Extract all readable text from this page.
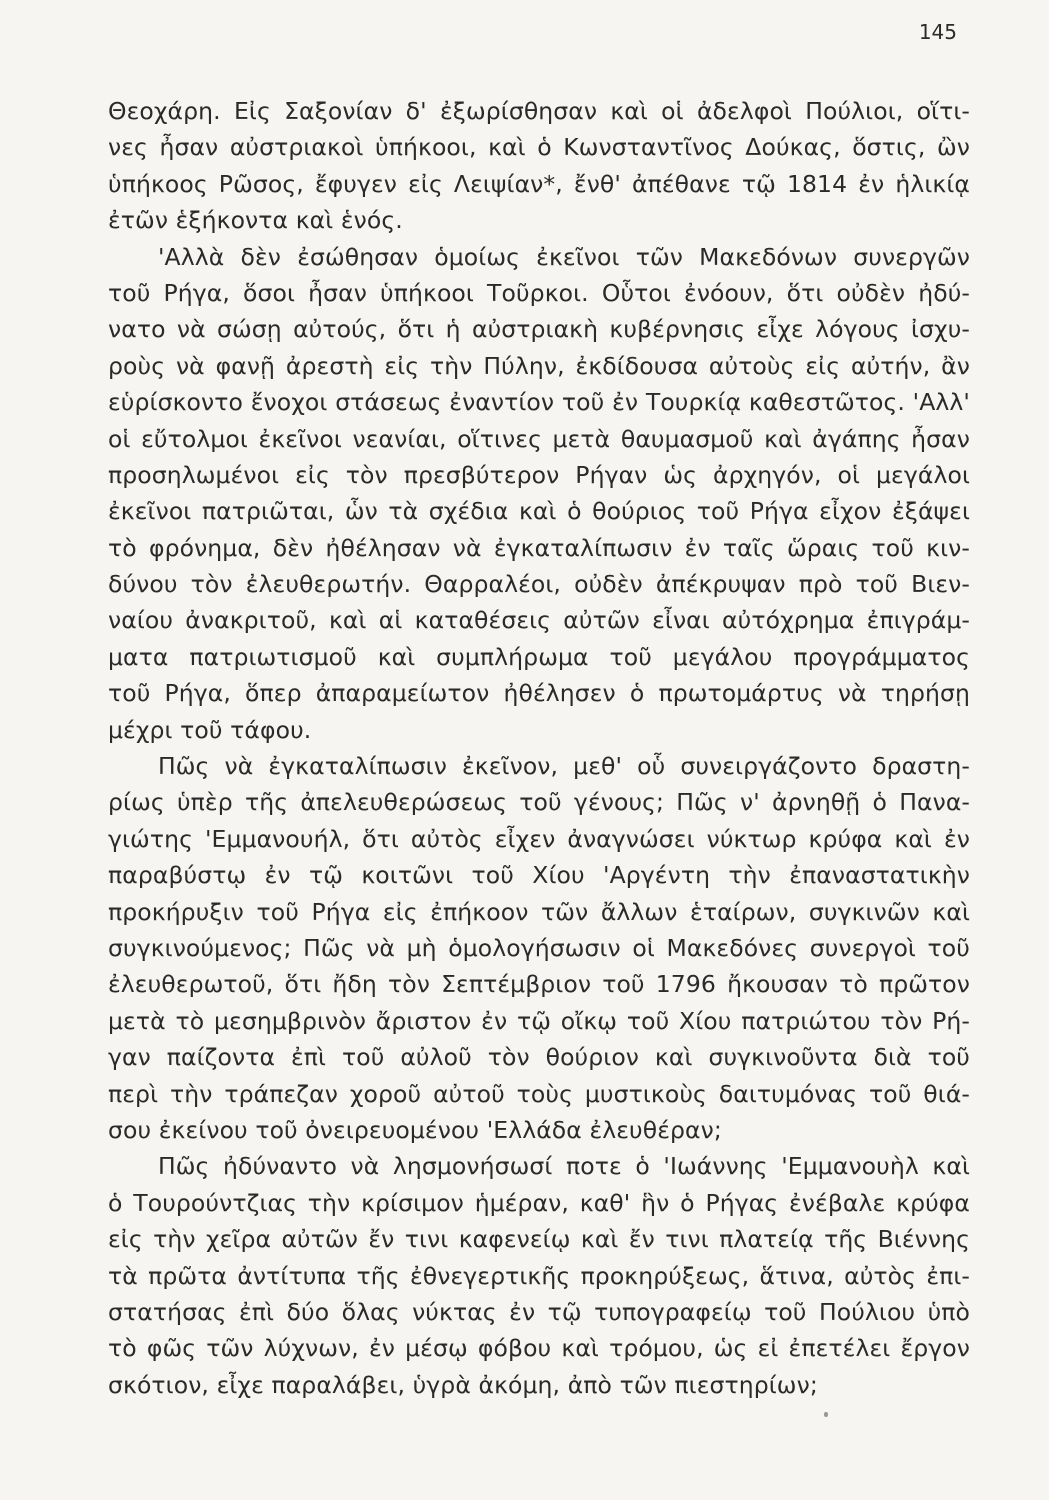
145
Θεοχάρη. Εἰς Σαξονίαν δ' ἐξωρίσθησαν καὶ οἱ ἀδελφοὶ Πούλιοι, οἵτι-
νες ἦσαν αὐστριακοὶ ὑπήκοοι, καὶ ὁ Κωνσταντῖνος Δούκας, ὅστις, ὢν
ὑπήκοος Ρῶσος, ἔφυγεν εἰς Λειψίαν*, ἔνθ' ἀπέθανε τῷ 1814 ἐν ἡλικίᾳ
ἐτῶν ἑξήκοντα καὶ ἑνός.
'Αλλὰ δὲν ἐσώθησαν ὁμοίως ἐκεῖνοι τῶν Μακεδόνων συνεργῶν
τοῦ Ρήγα, ὅσοι ἦσαν ὑπήκοοι Τοῦρκοι. Οὗτοι ἐνόουν, ὅτι οὐδὲν ἠδύ-
νατο νὰ σώσῃ αὐτούς, ὅτι ἡ αὐστριακὴ κυβέρνησις εἶχε λόγους ἰσχυ-
ροὺς νὰ φανῇ ἀρεστὴ εἰς τὴν Πύλην, ἐκδίδουσα αὐτοὺς εἰς αὐτήν, ἂν
εὑρίσκοντο ἔνοχοι στάσεως ἐναντίον τοῦ ἐν Τουρκίᾳ καθεστῶτος. 'Αλλ'
οἱ εὔτολμοι ἐκεῖνοι νεανίαι, οἵτινες μετὰ θαυμασμοῦ καὶ ἀγάπης ἦσαν
προσηλωμένοι εἰς τὸν πρεσβύτερον Ρήγαν ὡς ἀρχηγόν, οἱ μεγάλοι
ἐκεῖνοι πατριῶται, ὧν τὰ σχέδια καὶ ὁ θούριος τοῦ Ρήγα εἶχον ἐξάψει
τὸ φρόνημα, δὲν ἠθέλησαν νὰ ἐγκαταλίπωσιν ἐν ταῖς ὥραις τοῦ κιν-
δύνου τὸν ἐλευθερωτήν. Θαρραλέοι, οὐδὲν ἀπέκρυψαν πρὸ τοῦ Βιεν-
ναίου ἀνακριτοῦ, καὶ αἱ καταθέσεις αὐτῶν εἶναι αὐτόχρημα ἐπιγράμ-
ματα πατριωτισμοῦ καὶ συμπλήρωμα τοῦ μεγάλου προγράμματος
τοῦ Ρήγα, ὅπερ ἀπαραμείωτον ἠθέλησεν ὁ πρωτομάρτυς νὰ τηρήσῃ
μέχρι τοῦ τάφου.
Πῶς νὰ ἐγκαταλίπωσιν ἐκεῖνον, μεθ' οὗ συνειργάζοντο δραστη-
ρίως ὑπὲρ τῆς ἀπελευθερώσεως τοῦ γένους; Πῶς ν' ἀρνηθῇ ὁ Πανα-
γιώτης 'Εμμανουήλ, ὅτι αὐτὸς εἶχεν ἀναγνώσει νύκτωρ κρύφα καὶ ἐν
παραβύστῳ ἐν τῷ κοιτῶνι τοῦ Χίου 'Αργέντη τὴν ἐπαναστατικὴν
προκήρυξιν τοῦ Ρήγα εἰς ἐπήκοον τῶν ἄλλων ἑταίρων, συγκινῶν καὶ
συγκινούμενος; Πῶς νὰ μὴ ὁμολογήσωσιν οἱ Μακεδόνες συνεργοὶ τοῦ
ἐλευθερωτοῦ, ὅτι ἤδη τὸν Σεπτέμβριον τοῦ 1796 ἤκουσαν τὸ πρῶτον
μετὰ τὸ μεσημβρινὸν ἄριστον ἐν τῷ οἴκῳ τοῦ Χίου πατριώτου τὸν Ρή-
γαν παίζοντα ἐπὶ τοῦ αὐλοῦ τὸν θούριον καὶ συγκινοῦντα διὰ τοῦ
περὶ τὴν τράπεζαν χοροῦ αὐτοῦ τοὺς μυστικοὺς δαιτυμόνας τοῦ θιά-
σου ἐκείνου τοῦ ὀνειρευομένου 'Ελλάδα ἐλευθέραν;
Πῶς ἠδύναντο νὰ λησμονήσωσί ποτε ὁ 'Ιωάννης 'Εμμανουὴλ καὶ
ὁ Τουρούντζιας τὴν κρίσιμον ἡμέραν, καθ' ἣν ὁ Ρήγας ἐνέβαλε κρύφα
εἰς τὴν χεῖρα αὐτῶν ἔν τινι καφενείῳ καὶ ἔν τινι πλατείᾳ τῆς Βιέννης
τὰ πρῶτα ἀντίτυπα τῆς ἐθνεγερτικῆς προκηρύξεως, ἅτινα, αὐτὸς ἐπι-
στατήσας ἐπὶ δύο ὅλας νύκτας ἐν τῷ τυπογραφείῳ τοῦ Πούλιου ὑπὸ
τὸ φῶς τῶν λύχνων, ἐν μέσῳ φόβου καὶ τρόμου, ὡς εἰ ἐπετέλει ἔργον
σκότιον, εἶχε παραλάβει, ὑγρὰ ἀκόμη, ἀπὸ τῶν πιεστηρίων;
